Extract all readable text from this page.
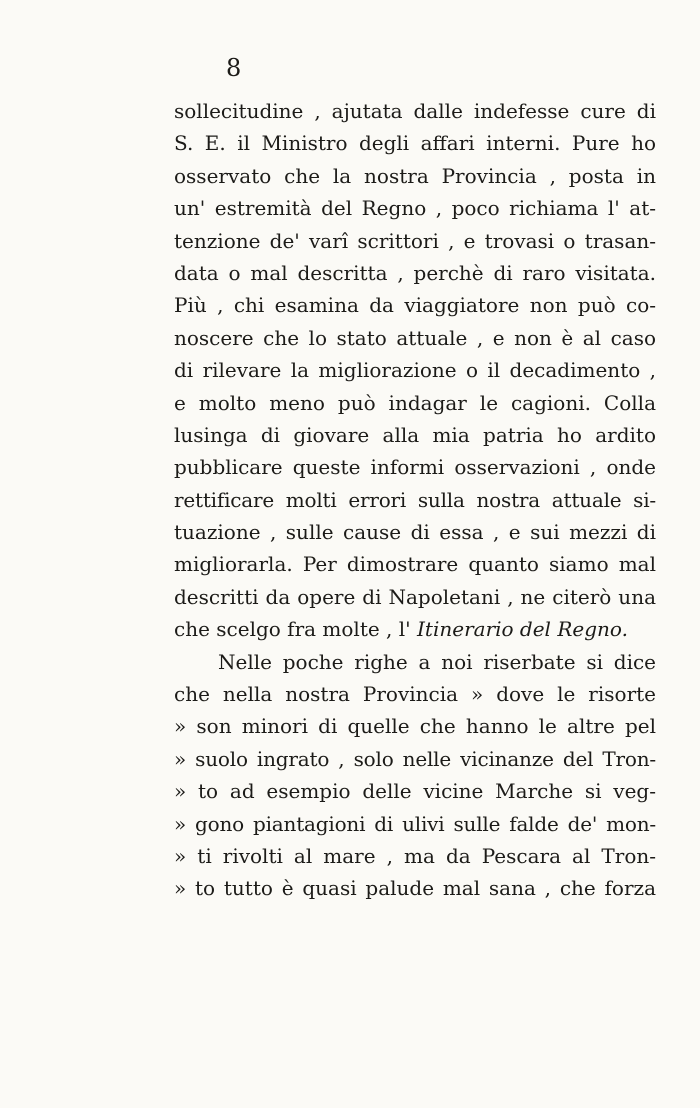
8
sollecitudine , ajutata dalle indefesse cure di
S. E. il Ministro degli affari interni. Pure ho
osservato che la nostra Provincia , posta in
un' estremità del Regno , poco richiama l' at-
tenzione de' varî scrittori , e trovasi o trasan-
data o mal descritta , perchè di raro visitata.
Più , chi esamina da viaggiatore non può co-
noscere che lo stato attuale , e non è al caso
di rilevare la migliorazione o il decadimento ,
e molto meno può indagar le cagioni. Colla
lusinga di giovare alla mia patria ho ardito
pubblicare queste informi osservazioni , onde
rettificare molti errori sulla nostra attuale si-
tuazione , sulle cause di essa , e sui mezzi di
migliorarla. Per dimostrare quanto siamo mal
descritti da opere di Napoletani , ne citerò una
che scelgo fra molte , l' Itinerario del Regno.
Nelle poche righe a noi riserbate si dice
che nella nostra Provincia » dove le risorte
» son minori di quelle che hanno le altre pel
» suolo ingrato , solo nelle vicinanze del Tron-
» to ad esempio delle vicine Marche si veg-
» gono piantagioni di ulivi sulle falde de' mon-
» ti rivolti al mare , ma da Pescara al Tron-
» to tutto è quasi palude mal sana , che forza
